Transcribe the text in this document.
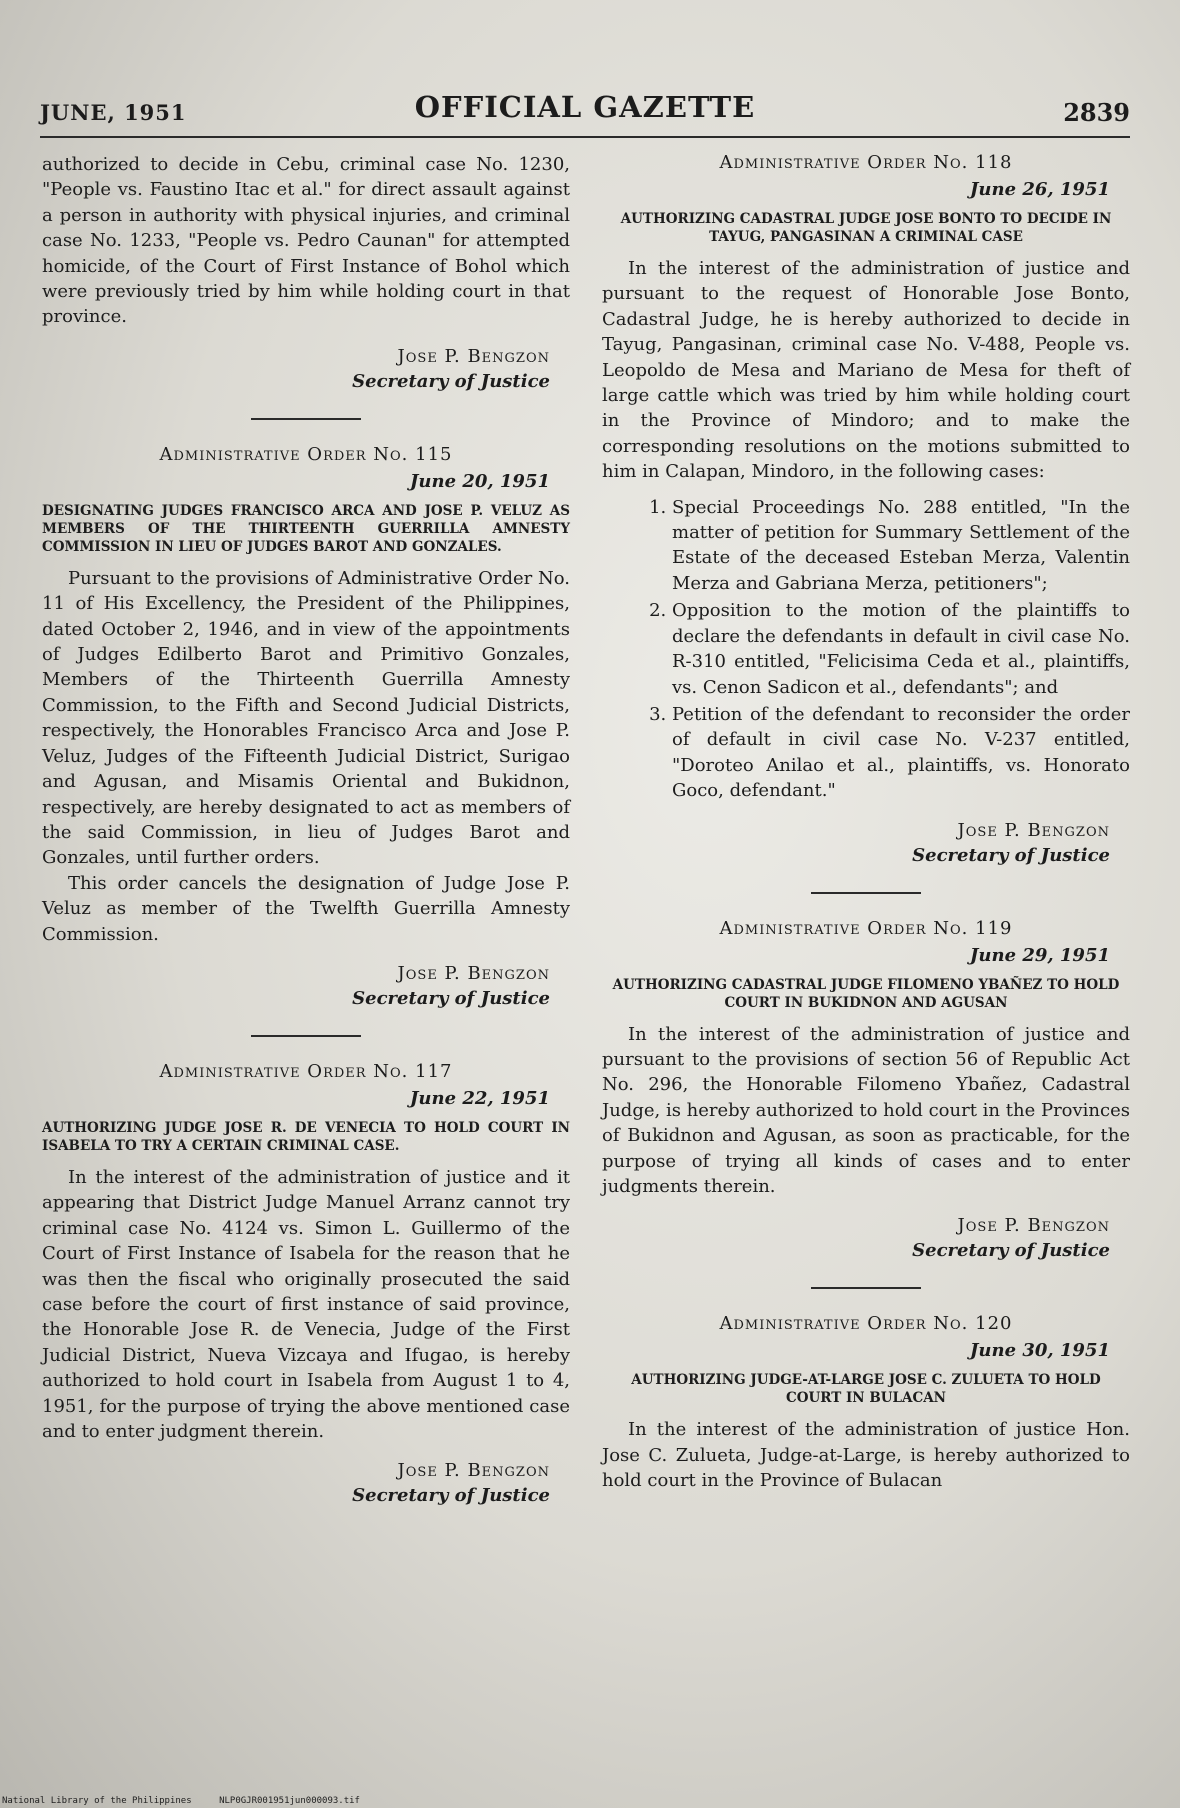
JUNE, 1951	OFFICIAL GAZETTE	2839

authorized to decide in Cebu, criminal case No. 1230, "People vs. Faustino Itac et al." for direct assault against a person in authority with physical injuries, and criminal case No. 1233, "People vs. Pedro Caunan" for attempted homicide, of the Court of First Instance of Bohol which were previously tried by him while holding court in that province.

Jose P. Bengzon
Secretary of Justice
Administrative Order No. 115
June 20, 1951
DESIGNATING JUDGES FRANCISCO ARCA AND JOSE P. VELUZ AS MEMBERS OF THE THIRTEENTH GUERRILLA AMNESTY COMMISSION IN LIEU OF JUDGES BAROT AND GONZALES.

Pursuant to the provisions of Administrative Order No. 11 of His Excellency, the President of the Philippines, dated October 2, 1946, and in view of the appointments of Judges Edilberto Barot and Primitivo Gonzales, Members of the Thirteenth Guerrilla Amnesty Commission, to the Fifth and Second Judicial Districts, respectively, the Honorables Francisco Arca and Jose P. Veluz, Judges of the Fifteenth Judicial District, Surigao and Agusan, and Misamis Oriental and Bukidnon, respectively, are hereby designated to act as members of the said Commission, in lieu of Judges Barot and Gonzales, until further orders.

This order cancels the designation of Judge Jose P. Veluz as member of the Twelfth Guerrilla Amnesty Commission.

Jose P. Bengzon
Secretary of Justice
Administrative Order No. 117
June 22, 1951
AUTHORIZING JUDGE JOSE R. DE VENECIA TO HOLD COURT IN ISABELA TO TRY A CERTAIN CRIMINAL CASE.

In the interest of the administration of justice and it appearing that District Judge Manuel Arranz cannot try criminal case No. 4124 vs. Simon L. Guillermo of the Court of First Instance of Isabela for the reason that he was then the fiscal who originally prosecuted the said case before the court of first instance of said province, the Honorable Jose R. de Venecia, Judge of the First Judicial District, Nueva Vizcaya and Ifugao, is hereby authorized to hold court in Isabela from August 1 to 4, 1951, for the purpose of trying the above mentioned case and to enter judgment therein.

Jose P. Bengzon
Secretary of Justice
Administrative Order No. 118
June 26, 1951
AUTHORIZING CADASTRAL JUDGE JOSE BONTO TO DECIDE IN TAYUG, PANGASINAN A CRIMINAL CASE

In the interest of the administration of justice and pursuant to the request of Honorable Jose Bonto, Cadastral Judge, he is hereby authorized to decide in Tayug, Pangasinan, criminal case No. V-488, People vs. Leopoldo de Mesa and Mariano de Mesa for theft of large cattle which was tried by him while holding court in the Province of Mindoro; and to make the corresponding resolutions on the motions submitted to him in Calapan, Mindoro, in the following cases:

1. Special Proceedings No. 288 entitled, "In the matter of petition for Summary Settlement of the Estate of the deceased Esteban Merza, Valentin Merza and Gabriana Merza, petitioners";
2. Opposition to the motion of the plaintiffs to declare the defendants in default in civil case No. R-310 entitled, "Felicisima Ceda et al., plaintiffs, vs. Cenon Sadicon et al., defendants"; and
3. Petition of the defendant to reconsider the order of default in civil case No. V-237 entitled, "Doroteo Anilao et al., plaintiffs, vs. Honorato Goco, defendant."
Jose P. Bengzon
Secretary of Justice
Administrative Order No. 119
June 29, 1951
AUTHORIZING CADASTRAL JUDGE FILOMENO YBAÑEZ TO HOLD COURT IN BUKIDNON AND AGUSAN

In the interest of the administration of justice and pursuant to the provisions of section 56 of Republic Act No. 296, the Honorable Filomeno Ybañez, Cadastral Judge, is hereby authorized to hold court in the Provinces of Bukidnon and Agusan, as soon as practicable, for the purpose of trying all kinds of cases and to enter judgments therein.

Jose P. Bengzon
Secretary of Justice
Administrative Order No. 120
June 30, 1951
AUTHORIZING JUDGE-AT-LARGE JOSE C. ZULUETA TO HOLD COURT IN BULACAN

In the interest of the administration of justice Hon. Jose C. Zulueta, Judge-at-Large, is hereby authorized to hold court in the Province of Bulacan

National Library of the Philippines	NLP0GJR001951jun000093.tif
